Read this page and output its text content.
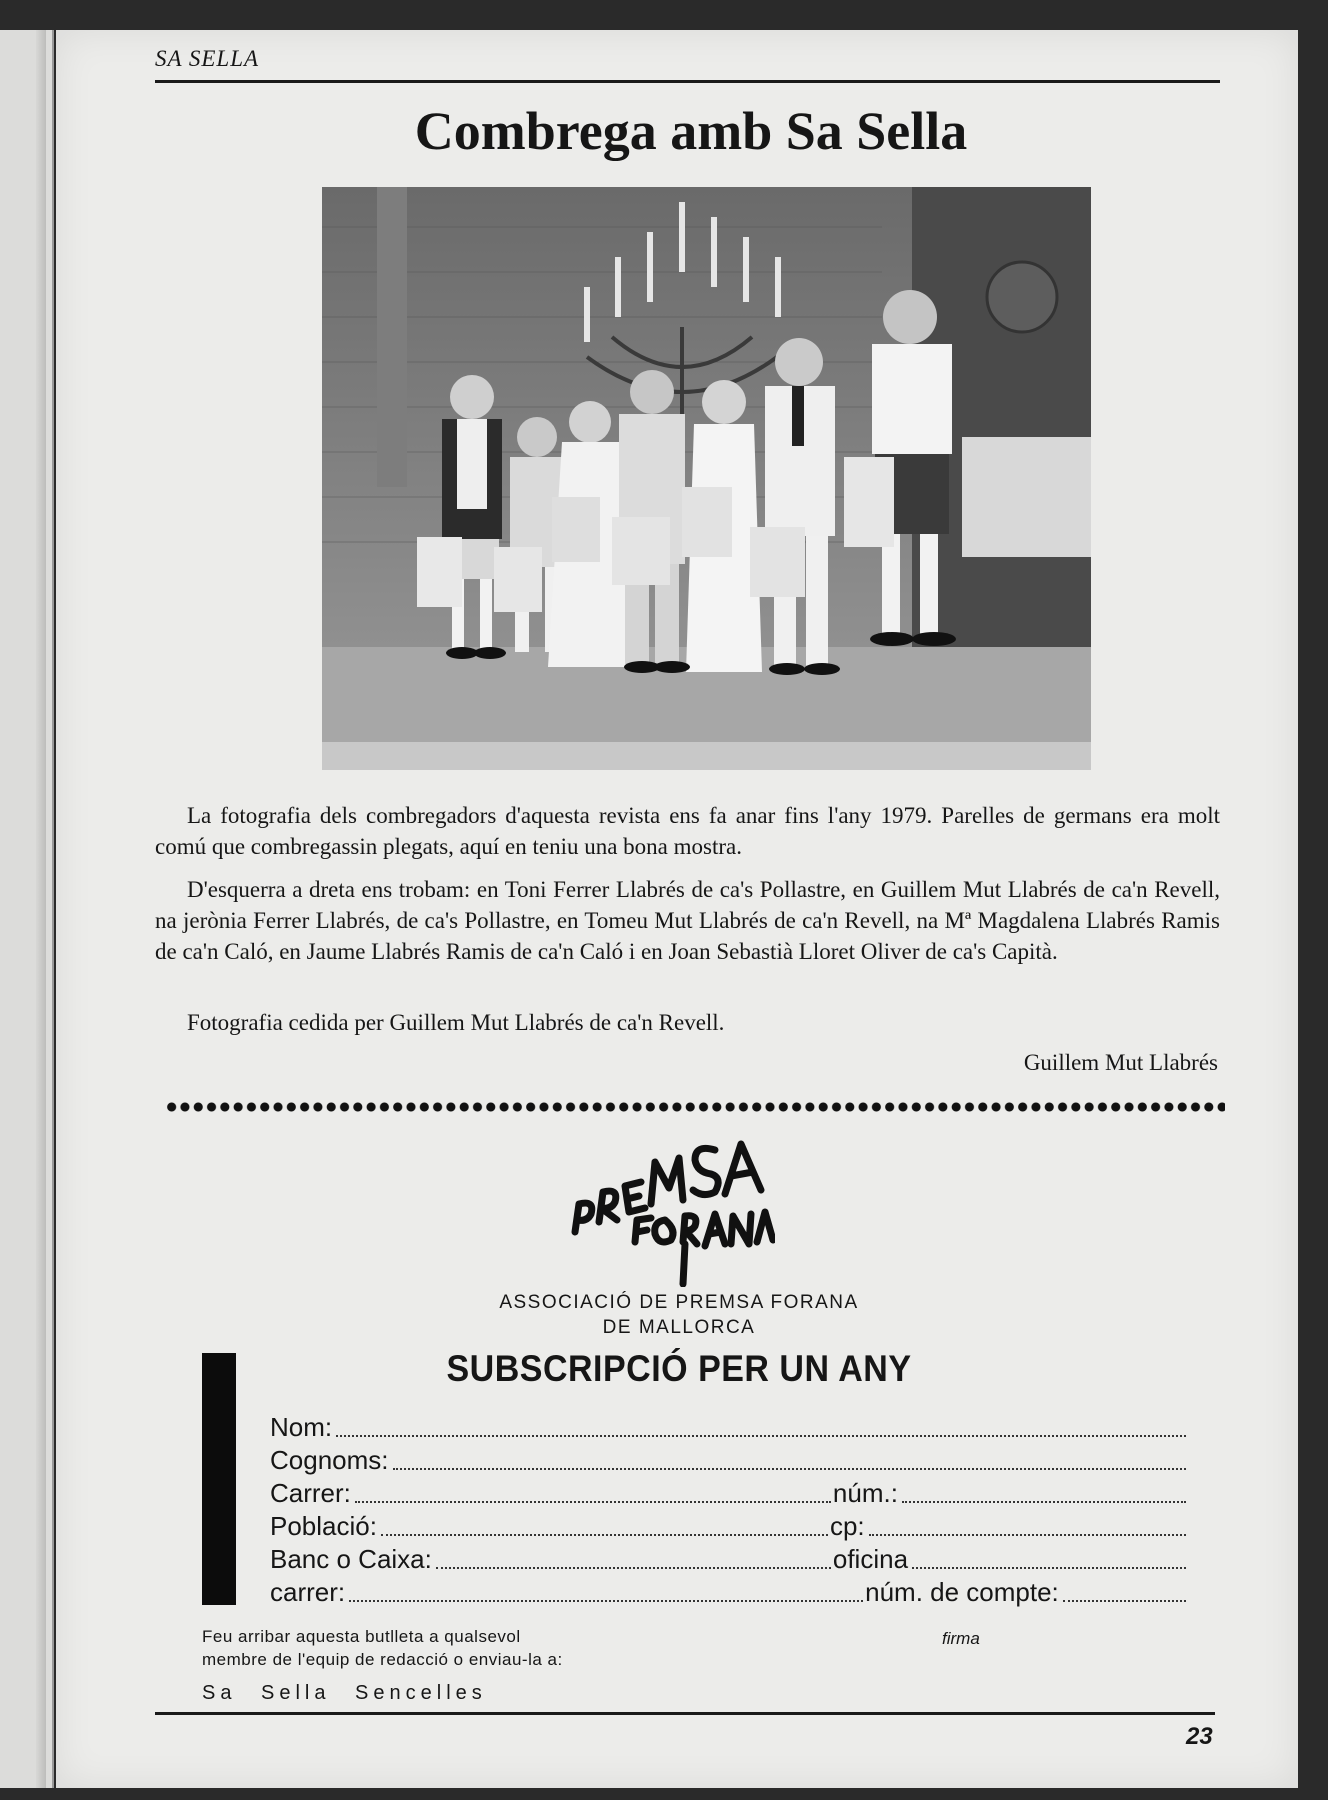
SA SELLA
Combrega amb Sa Sella
La fotografia dels combregadors d'aquesta revista ens fa anar fins l'any 1979. Parelles de germans era molt comú que combregassin plegats, aquí en teniu una bona mostra.
D'esquerra a dreta ens trobam: en Toni Ferrer Llabrés de ca's Pollastre, en Guillem Mut Llabrés de ca'n Revell, na jerònia Ferrer Llabrés, de ca's Pollastre, en Tomeu Mut Llabrés de ca'n Revell, na Mª Magdalena Llabrés Ramis de ca'n Caló, en Jaume Llabrés Ramis de ca'n Caló i en Joan Sebastià Lloret Oliver de ca's Capità.
Fotografia cedida per Guillem Mut Llabrés de ca'n Revell.
Guillem Mut Llabrés
ASSOCIACIÓ DE PREMSA FORANA
DE MALLORCA
SUBSCRIPCIÓ PER UN ANY
Nom:
Cognoms:
Carrer:	núm.:
Població:	cp:
Banc o Caixa:	oficina
carrer:	núm. de compte:
Feu arribar aquesta butlleta a qualsevol
membre de l'equip de redacció o enviau-la a:
firma
Sa Sella Sencelles
23
